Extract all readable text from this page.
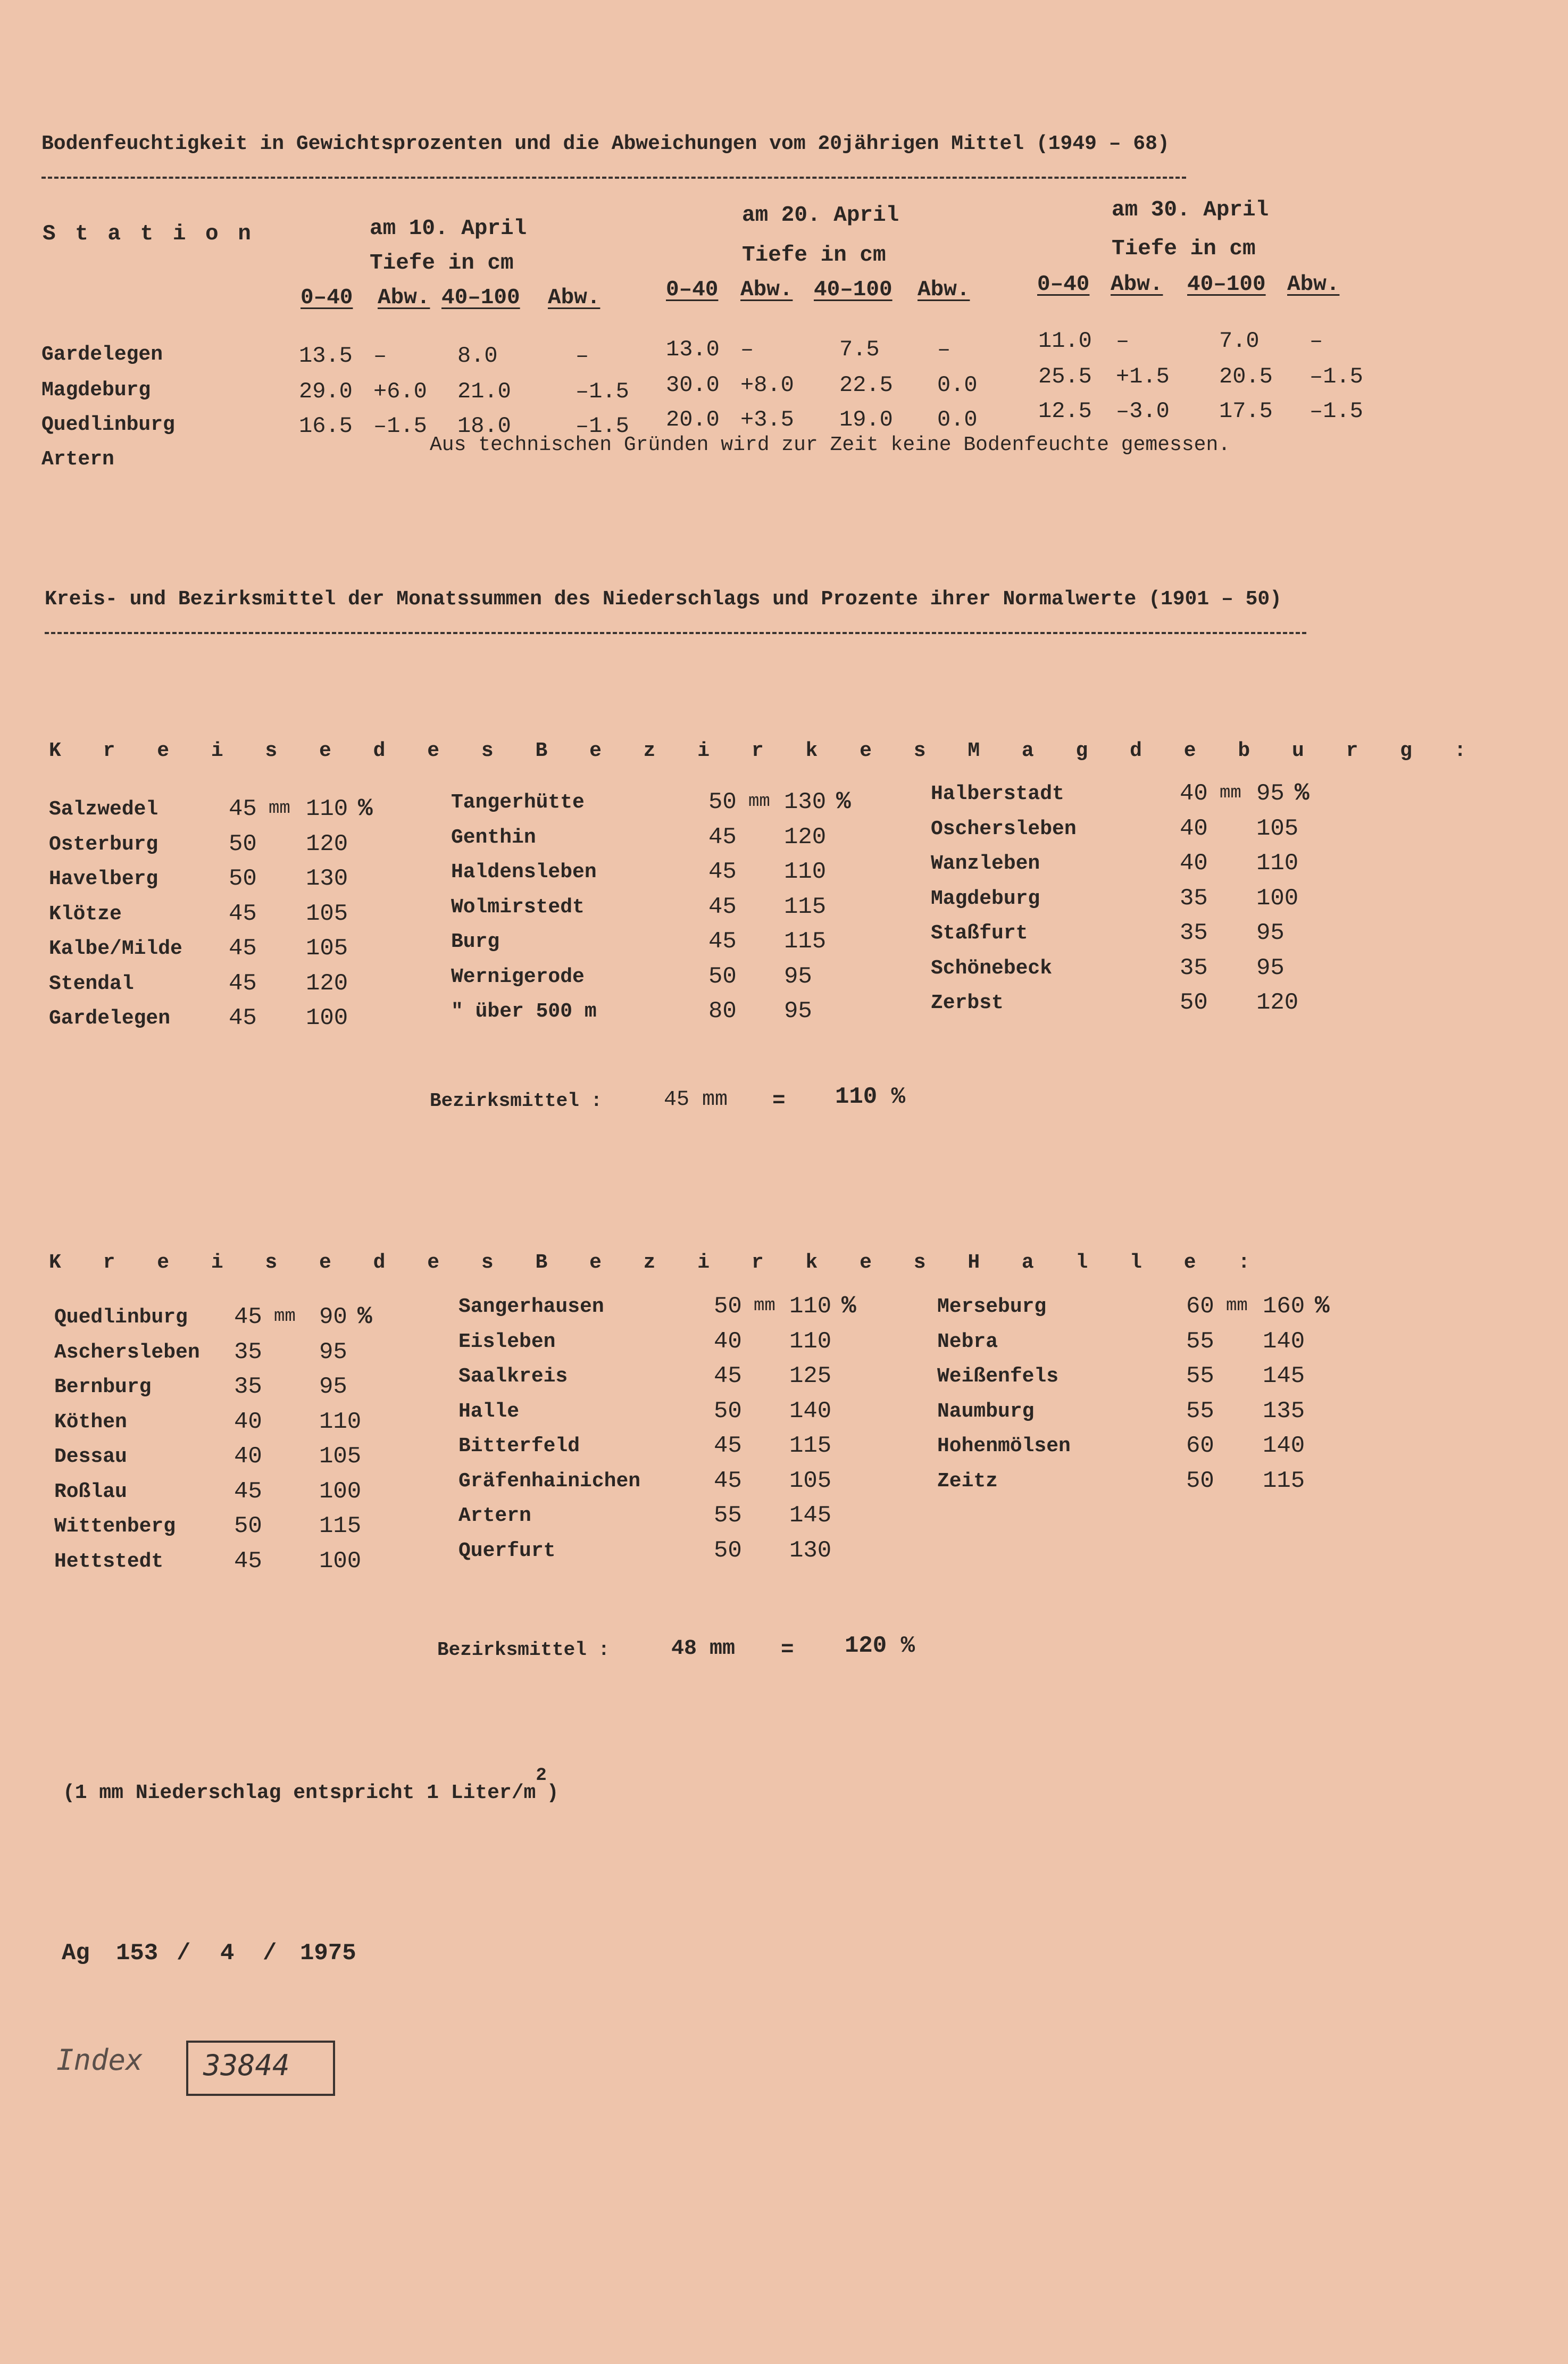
Bodenfeuchtigkeit in Gewichtsprozenten und die Abweichungen vom 20jährigen Mittel (1949 – 68)
S t a t i o n	am 10. April
Tiefe in cm
0–40 Abw. 40–100 Abw.
am 20. April
Tiefe in cm
0–40 Abw. 40–100 Abw.
am 30. April
Tiefe in cm
0–40 Abw. 40–100 Abw.
Gardelegen	13.5 –	8.0	–	13.0 –	7.5	–	11.0 –	7.0 –
Magdeburg	29.0 +6.0 21.0	–1.5 30.0 +8.0 22.5 0.0	25.5 +1.5 20.5 –1.5
Quedlinburg	16.5 –1.5 18.0	–1.5 20.0 +3.5 19.0 0.0	12.5 –3.0 17.5 –1.5
Artern
Aus technischen Gründen wird zur Zeit keine Bodenfeuchte gemessen.
Kreis- und Bezirksmittel der Monatssummen des Niederschlags und Prozente ihrer Normalwerte (1901 – 50)
K r e i s e d e s B e z i r k e s M a g d e b u r g :
Salzwedel	45 mm 110 %
Osterburg	50 120
Havelberg	50 130
Klötze	45 105
Kalbe/Milde 45 105
Stendal	45 120
Gardelegen 45 100
Tangerhütte	50 mm 130 %
Genthin	45 120
Haldensleben	45 110
Wolmirstedt	45 115
Burg	45 115
Wernigerode	50 95
" über 500 m	80 95
Halberstadt	40 mm 95 %
Oschersleben	40 105
Wanzleben	40 110
Magdeburg	35 100
Staßfurt	35 95
Schönebeck	35 95
Zerbst	50 120
Bezirksmittel :	45 mm = 110 %
K r e i s e d e s B e z i r k e s H a l l e :
Quedlinburg 45 mm 90 %
Aschersleben 35 95
Bernburg	35 95
Köthen	40 110
Dessau	40 105
Roßlau	45 100
Wittenberg 50 115
Hettstedt	45 100
Sangerhausen	50 mm 110 %
Eisleben	40 110
Saalkreis	45 125
Halle	50 140
Bitterfeld	45 115
Gräfenhainichen	45 105
Artern	55 145
Querfurt	50 130
Merseburg	60 mm 160 %
Nebra	55 140
Weißenfels	55 145
Naumburg	55 135
Hohenmölsen	60 140
Zeitz	50 115
Bezirksmittel :	48 mm = 120 %
(1 mm Niederschlag entspricht 1 Liter/m2)
Ag 153 / 4 / 1975
Index 33844
